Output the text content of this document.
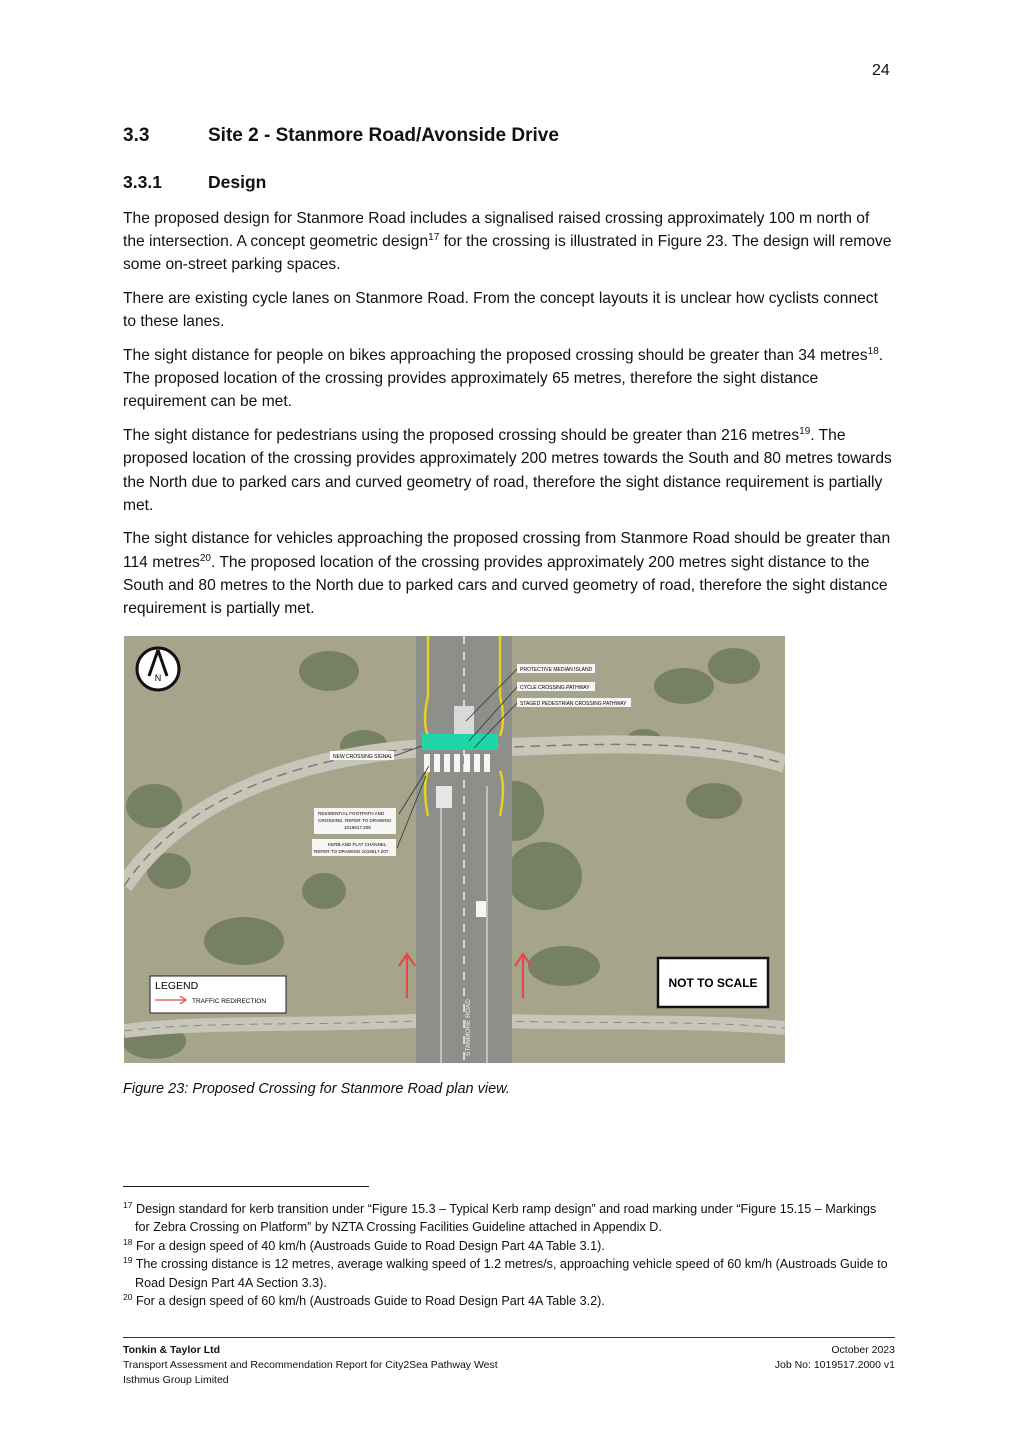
24
3.3	Site 2 - Stanmore Road/Avonside Drive
3.3.1	Design

The proposed design for Stanmore Road includes a signalised raised crossing approximately 100 m north of the intersection. A concept geometric design$^{17}$ for the crossing is illustrated in Figure 23. The design will remove some on-street parking spaces.

There are existing cycle lanes on Stanmore Road. From the concept layouts it is unclear how cyclists connect to these lanes.

The sight distance for people on bikes approaching the proposed crossing should be greater than 34 metres$^{18}$. The proposed location of the crossing provides approximately 65 metres, therefore the sight distance requirement can be met.

The sight distance for pedestrians using the proposed crossing should be greater than 216 metres$^{19}$. The proposed location of the crossing provides approximately 200 metres towards the South and 80 metres towards the North due to parked cars and curved geometry of road, therefore the sight distance requirement is partially met.

The sight distance for vehicles approaching the proposed crossing from Stanmore Road should be greater than 114 metres$^{20}$. The proposed location of the crossing provides approximately 200 metres sight distance to the South and 80 metres to the North due to parked cars and curved geometry of road, therefore the sight distance requirement is partially met.

N
PROTECTIVE MEDIAN ISLAND
CYCLE CROSSING PATHWAY
STAGED PEDESTRIAN CROSSING PATHWAY
NEW CROSSING SIGNAL
RESIDENTIAL FOOTPATH AND
CROSSING. REFER TO DRAWING
1019517.208
KERB AND FLAT CHANNEL
REFER TO DRAWING 1019517.207
STANMORE ROAD
LEGEND
TRAFFIC REDIRECTION
NOT TO SCALE
Figure 23: Proposed Crossing for Stanmore Road plan view.

$^{17}$ Design standard for kerb transition under “Figure 15.3 – Typical Kerb ramp design” and road marking under “Figure 15.15 – Markings for Zebra Crossing on Platform” by NZTA Crossing Facilities Guideline attached in Appendix D.

$^{18}$ For a design speed of 40 km/h (Austroads Guide to Road Design Part 4A Table 3.1).

$^{19}$ The crossing distance is 12 metres, average walking speed of 1.2 metres/s, approaching vehicle speed of 60 km/h (Austroads Guide to Road Design Part 4A Section 3.3).

$^{20}$ For a design speed of 60 km/h (Austroads Guide to Road Design Part 4A Table 3.2).

Tonkin & Taylor Ltd
Transport Assessment and Recommendation Report for City2Sea Pathway West
Isthmus Group Limited
October 2023
Job No: 1019517.2000 v1
